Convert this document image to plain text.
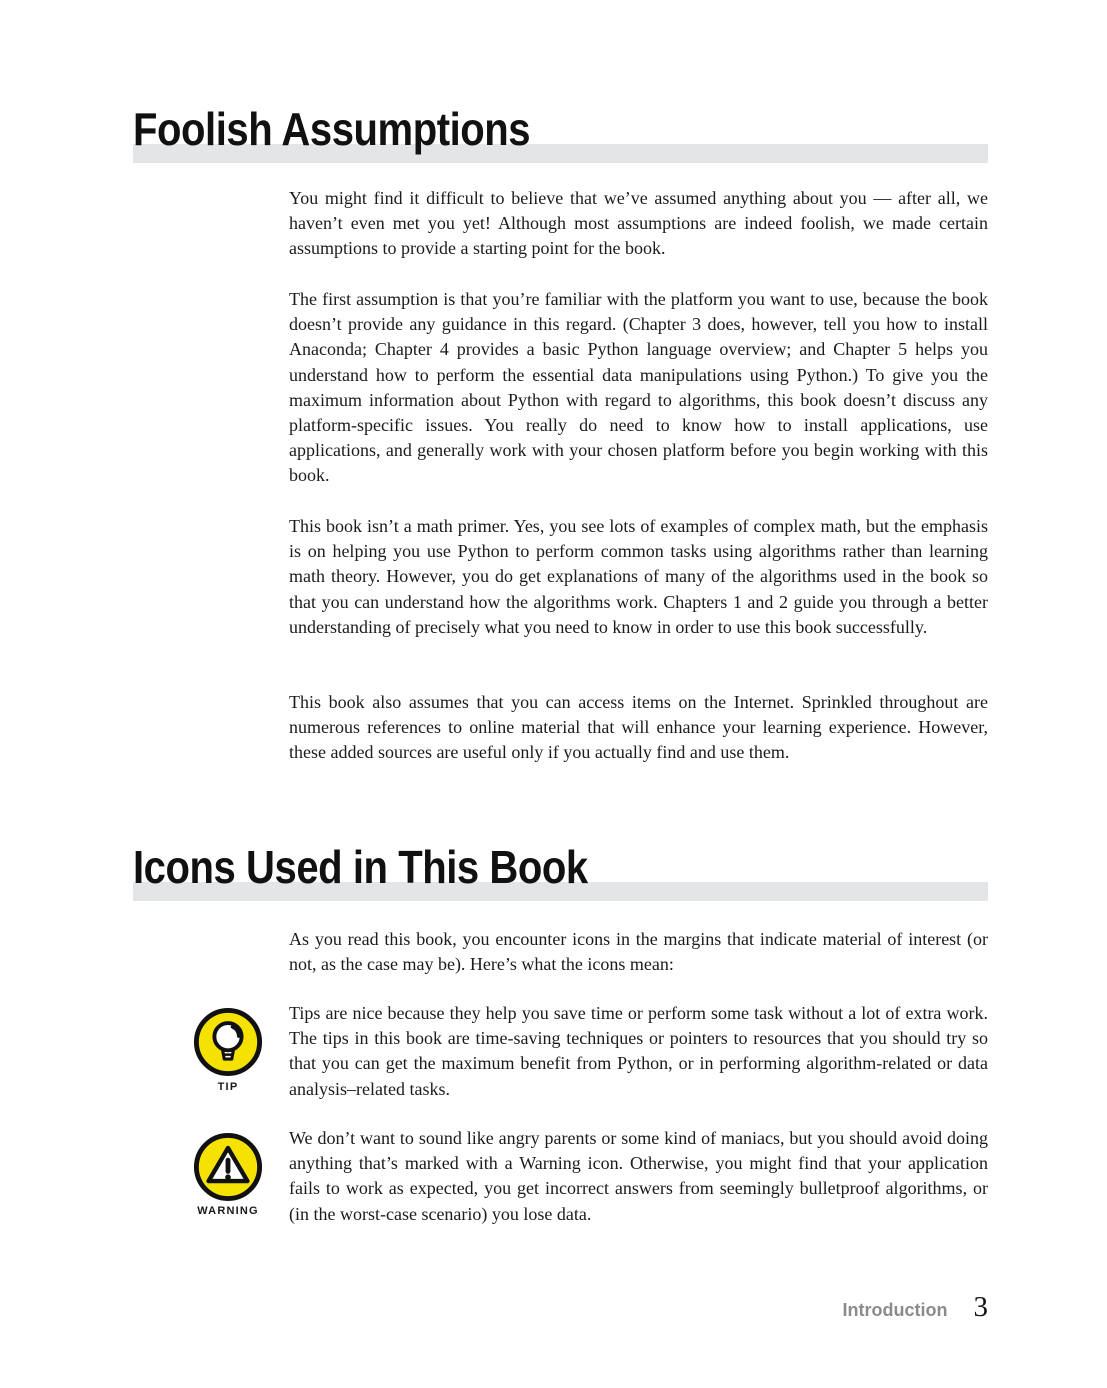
Foolish Assumptions

You might find it difficult to believe that we’ve assumed anything about you — after all, we haven’t even met you yet! Although most assumptions are indeed foolish, we made certain assumptions to provide a starting point for the book.

The first assumption is that you’re familiar with the platform you want to use, because the book doesn’t provide any guidance in this regard. (Chapter 3 does, however, tell you how to install Anaconda; Chapter 4 provides a basic Python language overview; and Chapter 5 helps you understand how to perform the essential data manipulations using Python.) To give you the maximum information about Python with regard to algorithms, this book doesn’t discuss any platform-specific issues. You really do need to know how to install applications, use applications, and generally work with your chosen platform before you begin working with this book.

This book isn’t a math primer. Yes, you see lots of examples of complex math, but the emphasis is on helping you use Python to perform common tasks using algorithms rather than learning math theory. However, you do get explanations of many of the algorithms used in the book so that you can understand how the algorithms work. Chapters 1 and 2 guide you through a better understanding of precisely what you need to know in order to use this book successfully.

This book also assumes that you can access items on the Internet. Sprinkled throughout are numerous references to online material that will enhance your learning experience. However, these added sources are useful only if you actually find and use them.

Icons Used in This Book

As you read this book, you encounter icons in the margins that indicate material of interest (or not, as the case may be). Here’s what the icons mean:

TIP

Tips are nice because they help you save time or perform some task without a lot of extra work. The tips in this book are time-saving techniques or pointers to resources that you should try so that you can get the maximum benefit from Python, or in performing algorithm-related or data analysis–related tasks.

WARNING

We don’t want to sound like angry parents or some kind of maniacs, but you should avoid doing anything that’s marked with a Warning icon. Otherwise, you might find that your application fails to work as expected, you get incorrect answers from seemingly bulletproof algorithms, or (in the worst-case scenario) you lose data.

Introduction 3
